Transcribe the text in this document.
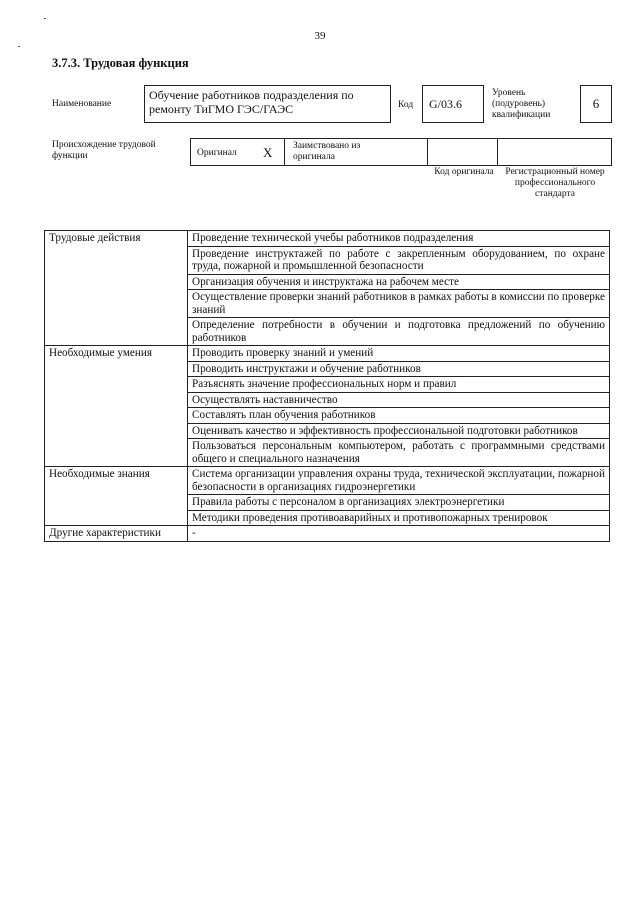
39
3.7.3. Трудовая функция
Наименование
Обучение работников подразделения по ремонту ТиГМО ГЭС/ГАЭС	Код	G/03.6
Уровень (подуровень) квалификации
6
Происхождение трудовой функции	Оригинал X Заимствовано из оригинала
Код оригинала	Регистрационный номер профессионального стандарта
Трудовые действия	Проведение технической учебы работников подразделения
	Проведение инструктажей по работе с закрепленным оборудованием, по охране труда, пожарной и промышленной безопасности
	Организация обучения и инструктажа на рабочем месте
	Осуществление проверки знаний работников в рамках работы в комиссии по проверке знаний
	Определение потребности в обучении и подготовка предложений по обучению работников
Необходимые умения	Проводить проверку знаний и умений
	Проводить инструктажи и обучение работников
	Разъяснять значение профессиональных норм и правил
	Осуществлять наставничество
	Составлять план обучения работников
	Оценивать качество и эффективность профессиональной подготовки работников
	Пользоваться персональным компьютером, работать с программными средствами общего и специального назначения
Необходимые знания	Система организации управления охраны труда, технической эксплуатации, пожарной безопасности в организациях гидроэнергетики
	Правила работы с персоналом в организациях электроэнергетики
	Методики проведения противоаварийных и противопожарных тренировок
Другие характеристики	-
